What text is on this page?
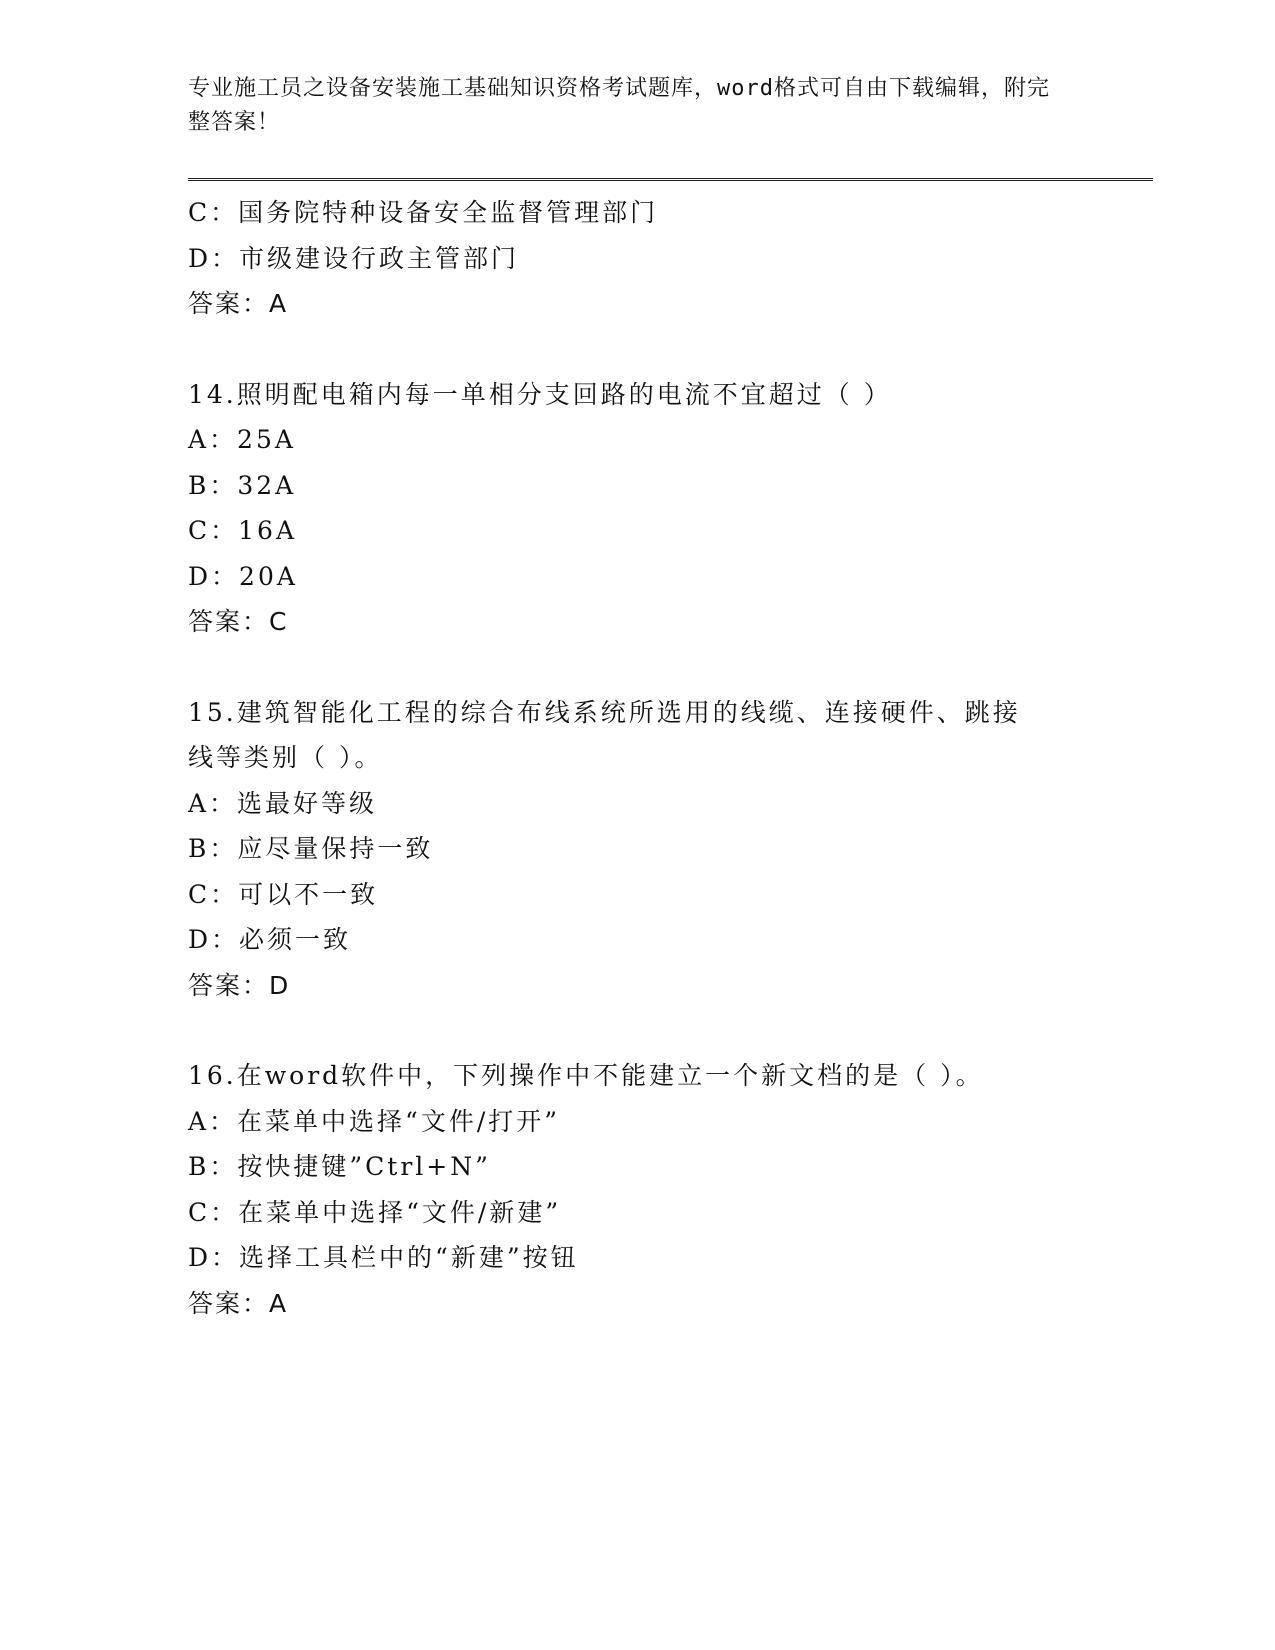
专业施工员之设备安装施工基础知识资格考试题库，word格式可自由下载编辑，附完整答案！
C：国务院特种设备安全监督管理部门
D：市级建设行政主管部门
答案：A
14.照明配电箱内每一单相分支回路的电流不宜超过（ ）
A：25A
B：32A
C：16A
D：20A
答案：C
15.建筑智能化工程的综合布线系统所选用的线缆、连接硬件、跳接线等类别（ ）。
A：选最好等级
B：应尽量保持一致
C：可以不一致
D：必须一致
答案：D
16.在word软件中，下列操作中不能建立一个新文档的是（ ）。
A：在菜单中选择“文件/打开”
B：按快捷键”Ctrl+N”
C：在菜单中选择“文件/新建”
D：选择工具栏中的“新建”按钮
答案：A
